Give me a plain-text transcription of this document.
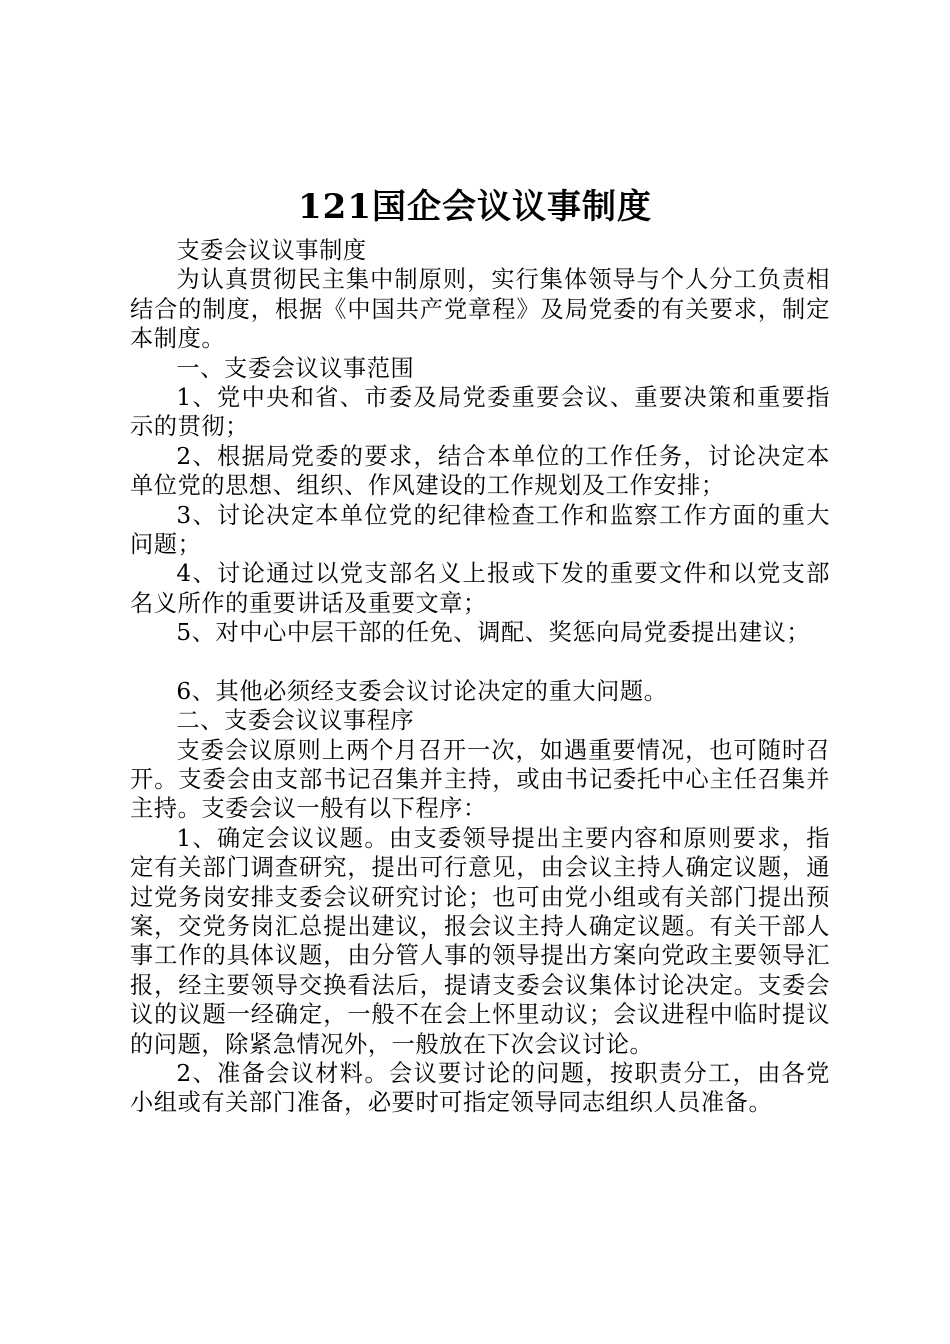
121国企会议议事制度

支委会议议事制度

为认真贯彻民主集中制原则，实行集体领导与个人分工负责相结合的制度，根据《中国共产党章程》及局党委的有关要求，制定本制度。

一、支委会议议事范围

1、党中央和省、市委及局党委重要会议、重要决策和重要指示的贯彻；

2、根据局党委的要求，结合本单位的工作任务，讨论决定本单位党的思想、组织、作风建设的工作规划及工作安排；

3、讨论决定本单位党的纪律检查工作和监察工作方面的重大问题；

4、讨论通过以党支部名义上报或下发的重要文件和以党支部名义所作的重要讲话及重要文章；

5、对中心中层干部的任免、调配、奖惩向局党委提出建议；

6、其他必须经支委会议讨论决定的重大问题。

二、支委会议议事程序

支委会议原则上两个月召开一次，如遇重要情况，也可随时召开。支委会由支部书记召集并主持，或由书记委托中心主任召集并主持。支委会议一般有以下程序：

1、确定会议议题。由支委领导提出主要内容和原则要求，指定有关部门调查研究，提出可行意见，由会议主持人确定议题，通过党务岗安排支委会议研究讨论；也可由党小组或有关部门提出预案，交党务岗汇总提出建议，报会议主持人确定议题。有关干部人事工作的具体议题，由分管人事的领导提出方案向党政主要领导汇报，经主要领导交换看法后，提请支委会议集体讨论决定。支委会议的议题一经确定，一般不在会上怀里动议；会议进程中临时提议的问题，除紧急情况外，一般放在下次会议讨论。

2、准备会议材料。会议要讨论的问题，按职责分工，由各党小组或有关部门准备，必要时可指定领导同志组织人员准备。
